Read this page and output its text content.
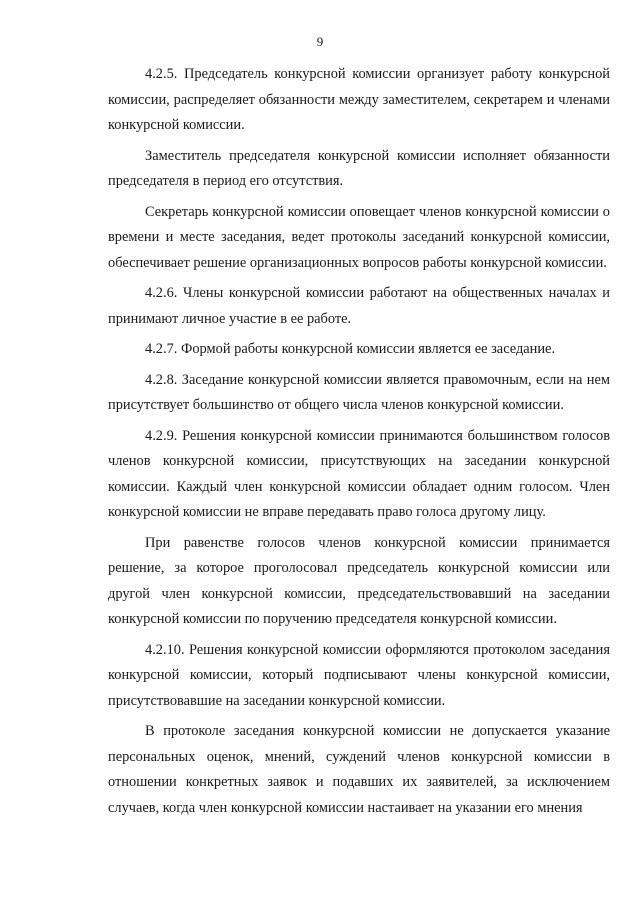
9

4.2.5. Председатель конкурсной комиссии организует работу конкурсной комиссии, распределяет обязанности между заместителем, секретарем и членами конкурсной комиссии.

Заместитель председателя конкурсной комиссии исполняет обязанности председателя в период его отсутствия.

Секретарь конкурсной комиссии оповещает членов конкурсной комиссии о времени и месте заседания, ведет протоколы заседаний конкурсной комиссии, обеспечивает решение организационных вопросов работы конкурсной комиссии.

4.2.6. Члены конкурсной комиссии работают на общественных началах и принимают личное участие в ее работе.

4.2.7. Формой работы конкурсной комиссии является ее заседание.

4.2.8. Заседание конкурсной комиссии является правомочным, если на нем присутствует большинство от общего числа членов конкурсной комиссии.

4.2.9. Решения конкурсной комиссии принимаются большинством голосов членов конкурсной комиссии, присутствующих на заседании конкурсной комиссии. Каждый член конкурсной комиссии обладает одним голосом. Член конкурсной комиссии не вправе передавать право голоса другому лицу.

При равенстве голосов членов конкурсной комиссии принимается решение, за которое проголосовал председатель конкурсной комиссии или другой член конкурсной комиссии, председательствовавший на заседании конкурсной комиссии по поручению председателя конкурсной комиссии.

4.2.10. Решения конкурсной комиссии оформляются протоколом заседания конкурсной комиссии, который подписывают члены конкурсной комиссии, присутствовавшие на заседании конкурсной комиссии.

В протоколе заседания конкурсной комиссии не допускается указание персональных оценок, мнений, суждений членов конкурсной комиссии в отношении конкретных заявок и подавших их заявителей, за исключением случаев, когда член конкурсной комиссии настаивает на указании его мнения
